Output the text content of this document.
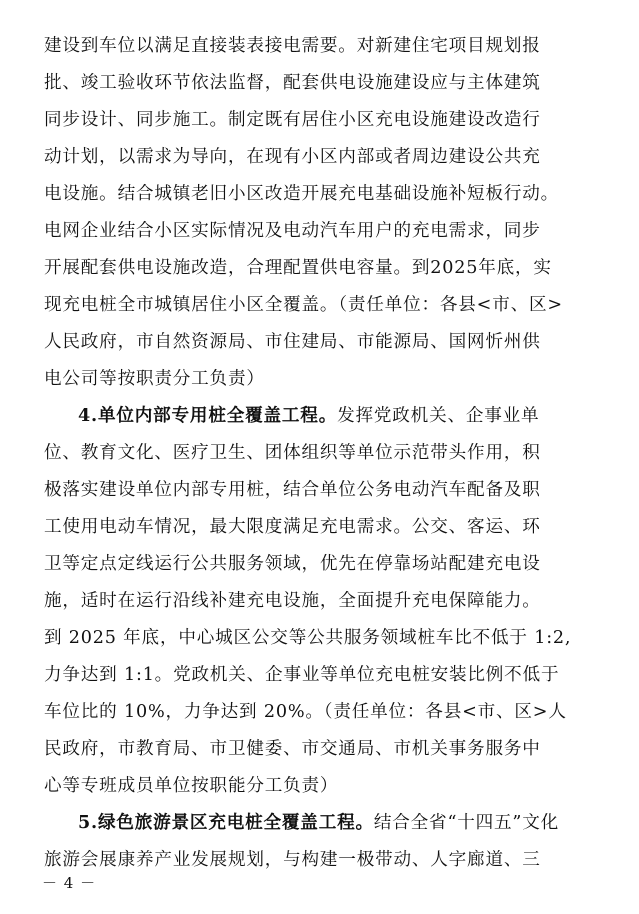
建设到车位以满足直接装表接电需要。对新建住宅项目规划报
批、竣工验收环节依法监督，配套供电设施建设应与主体建筑
同步设计、同步施工。制定既有居住小区充电设施建设改造行
动计划，以需求为导向，在现有小区内部或者周边建设公共充
电设施。结合城镇老旧小区改造开展充电基础设施补短板行动。
电网企业结合小区实际情况及电动汽车用户的充电需求，同步
开展配套供电设施改造，合理配置供电容量。到2025年底，实
现充电桩全市城镇居住小区全覆盖。（责任单位：各县<市、区>
人民政府，市自然资源局、市住建局、市能源局、国网忻州供
电公司等按职责分工负责）
4.单位内部专用桩全覆盖工程。发挥党政机关、企事业单
位、教育文化、医疗卫生、团体组织等单位示范带头作用，积
极落实建设单位内部专用桩，结合单位公务电动汽车配备及职
工使用电动车情况，最大限度满足充电需求。公交、客运、环
卫等定点定线运行公共服务领域，优先在停靠场站配建充电设
施，适时在运行沿线补建充电设施，全面提升充电保障能力。
到 2025 年底，中心城区公交等公共服务领域桩车比不低于 1:2,
力争达到 1:1。党政机关、企事业等单位充电桩安装比例不低于
车位比的 10%，力争达到 20%。（责任单位：各县<市、区>人
民政府，市教育局、市卫健委、市交通局、市机关事务服务中
心等专班成员单位按职能分工负责）
5.绿色旅游景区充电桩全覆盖工程。结合全省“十四五”文化
旅游会展康养产业发展规划，与构建一极带动、人字廊道、三
－ 4 －
